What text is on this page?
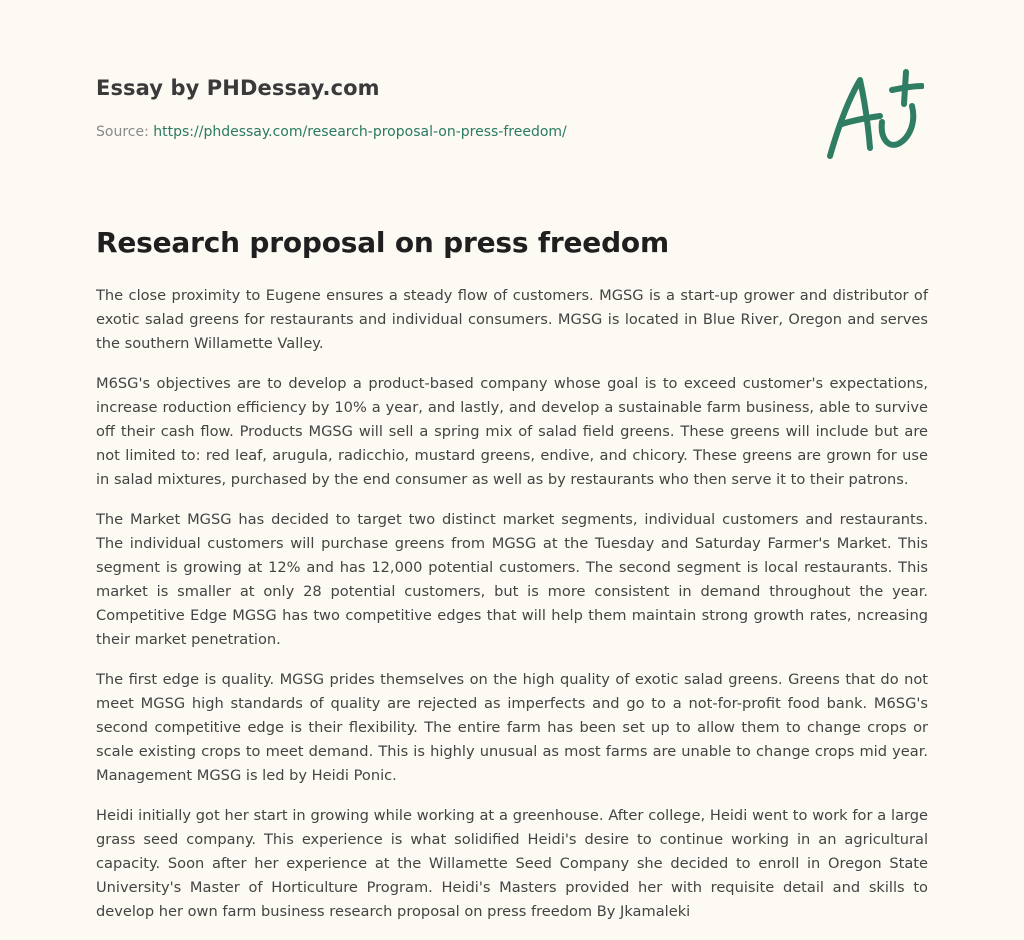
Essay by PHDessay.com
Source: https://phdessay.com/research-proposal-on-press-freedom/
Research proposal on press freedom

The close proximity to Eugene ensures a steady flow of customers. MGSG is a start-up grower and distributor of exotic salad greens for restaurants and individual consumers. MGSG is located in Blue River, Oregon and serves the southern Willamette Valley.

M6SG's objectives are to develop a product-based company whose goal is to exceed customer's expectations, increase roduction efficiency by 10% a year, and lastly, and develop a sustainable farm business, able to survive off their cash flow. Products MGSG will sell a spring mix of salad field greens. These greens will include but are not limited to: red leaf, arugula, radicchio, mustard greens, endive, and chicory. These greens are grown for use in salad mixtures, purchased by the end consumer as well as by restaurants who then serve it to their patrons.

The Market MGSG has decided to target two distinct market segments, individual customers and restaurants. The individual customers will purchase greens from MGSG at the Tuesday and Saturday Farmer's Market. This segment is growing at 12% and has 12,000 potential customers. The second segment is local restaurants. This market is smaller at only 28 potential customers, but is more consistent in demand throughout the year. Competitive Edge MGSG has two competitive edges that will help them maintain strong growth rates, ncreasing their market penetration.

The first edge is quality. MGSG prides themselves on the high quality of exotic salad greens. Greens that do not meet MGSG high standards of quality are rejected as imperfects and go to a not-for-profit food bank. M6SG's second competitive edge is their flexibility. The entire farm has been set up to allow them to change crops or scale existing crops to meet demand. This is highly unusual as most farms are unable to change crops mid year. Management MGSG is led by Heidi Ponic.

Heidi initially got her start in growing while working at a greenhouse. After college, Heidi went to work for a large grass seed company. This experience is what solidified Heidi's desire to continue working in an agricultural capacity. Soon after her experience at the Willamette Seed Company she decided to enroll in Oregon State University's Master of Horticulture Program. Heidi's Masters provided her with requisite detail and skills to develop her own farm business research proposal on press freedom By Jkamaleki
